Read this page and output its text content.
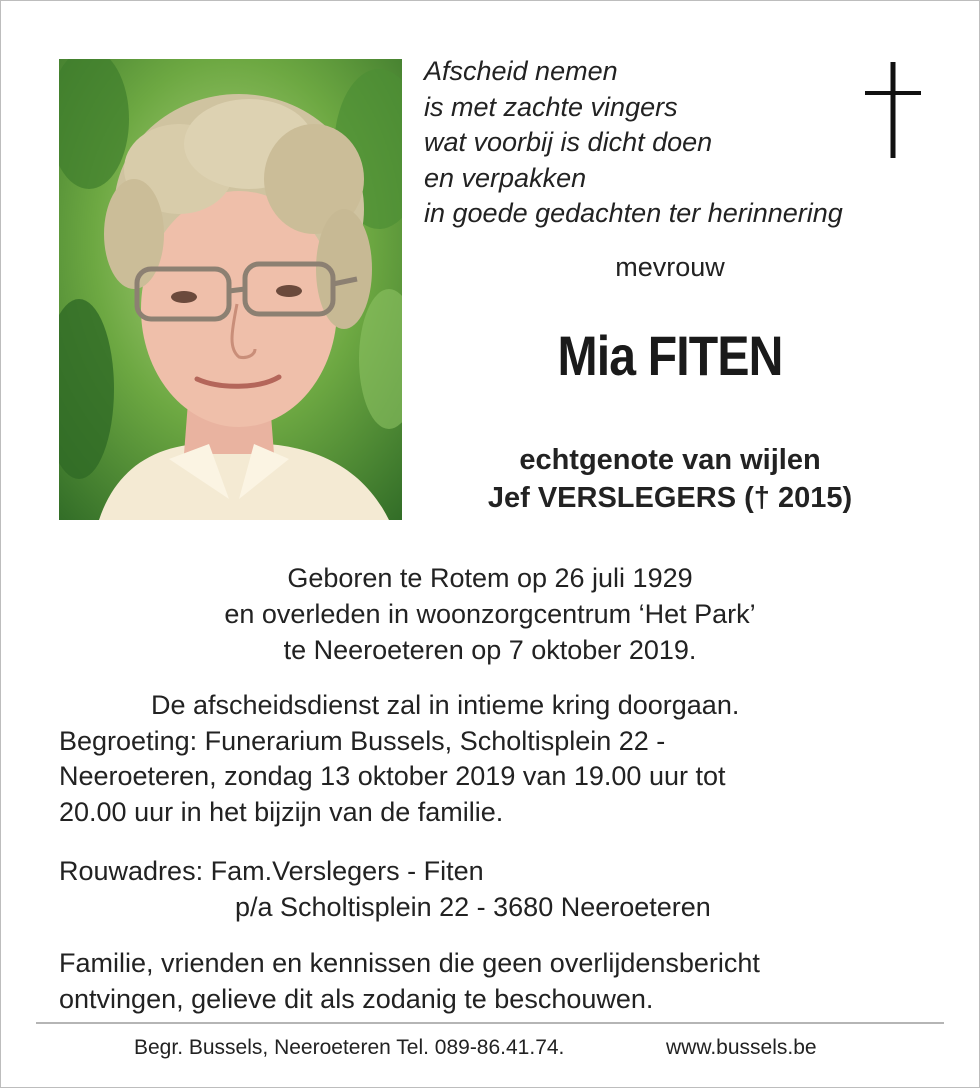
Afscheid nemen
is met zachte vingers
wat voorbij is dicht doen
en verpakken
in goede gedachten ter herinnering
mevrouw
Mia FITEN
echtgenote van wijlen
Jef VERSLEGERS († 2015)
Geboren te Rotem op 26 juli 1929
en overleden in woonzorgcentrum ‘Het Park’
te Neeroeteren op 7 oktober 2019.
De afscheidsdienst zal in intieme kring doorgaan.
Begroeting: Funerarium Bussels, Scholtisplein 22 -
Neeroeteren, zondag 13 oktober 2019 van 19.00 uur tot
20.00 uur in het bijzijn van de familie.
Rouwadres: Fam.Verslegers - Fiten
p/a Scholtisplein 22 - 3680 Neeroeteren
Familie, vrienden en kennissen die geen overlijdensbericht
ontvingen, gelieve dit als zodanig te beschouwen.
Begr. Bussels, Neeroeteren Tel. 089-86.41.74.	www.bussels.be
